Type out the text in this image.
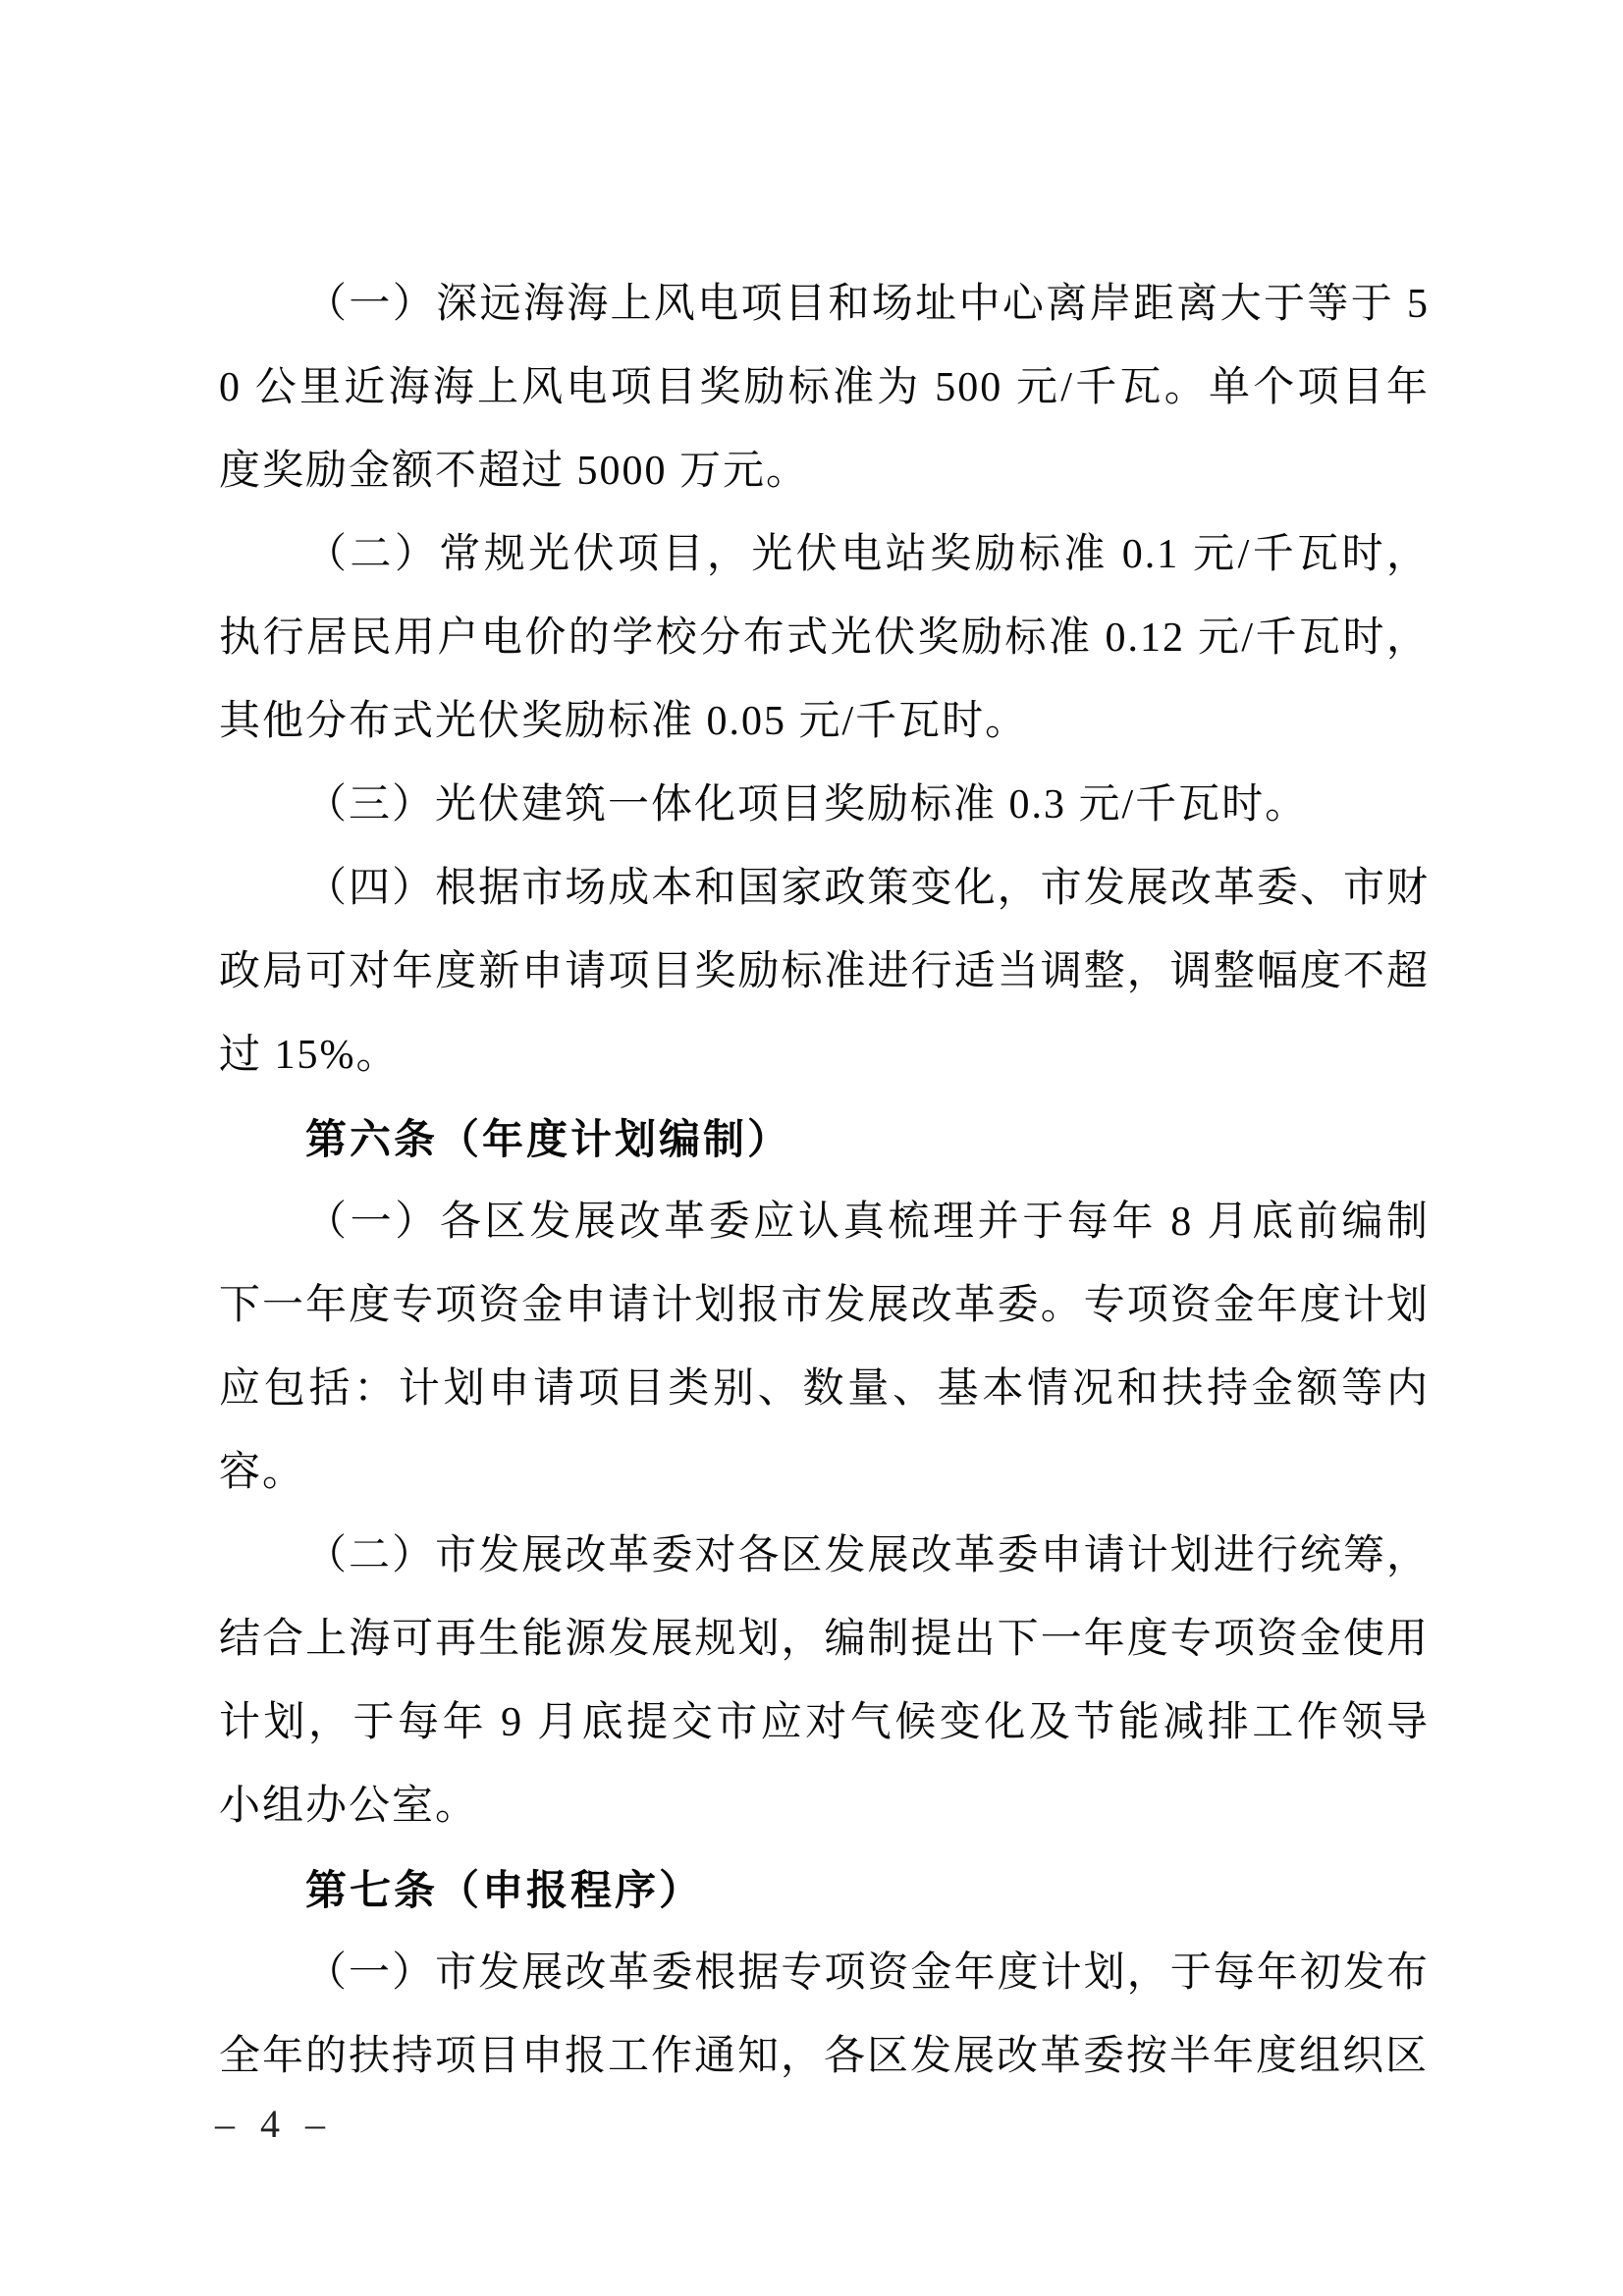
（一）深远海海上风电项目和场址中心离岸距离大于等于 50 公里近海海上风电项目奖励标准为 500 元/千瓦。单个项目年度奖励金额不超过 5000 万元。

（二）常规光伏项目，光伏电站奖励标准 0.1 元/千瓦时，执行居民用户电价的学校分布式光伏奖励标准 0.12 元/千瓦时，其他分布式光伏奖励标准 0.05 元/千瓦时。

（三）光伏建筑一体化项目奖励标准 0.3 元/千瓦时。

（四）根据市场成本和国家政策变化，市发展改革委、市财政局可对年度新申请项目奖励标准进行适当调整，调整幅度不超过 15%。

第六条（年度计划编制）

（一）各区发展改革委应认真梳理并于每年 8 月底前编制下一年度专项资金申请计划报市发展改革委。专项资金年度计划应包括：计划申请项目类别、数量、基本情况和扶持金额等内容。

（二）市发展改革委对各区发展改革委申请计划进行统筹，结合上海可再生能源发展规划，编制提出下一年度专项资金使用计划，于每年 9 月底提交市应对气候变化及节能减排工作领导小组办公室。

第七条（申报程序）

（一）市发展改革委根据专项资金年度计划，于每年初发布全年的扶持项目申报工作通知，各区发展改革委按半年度组织区

– 4 –
